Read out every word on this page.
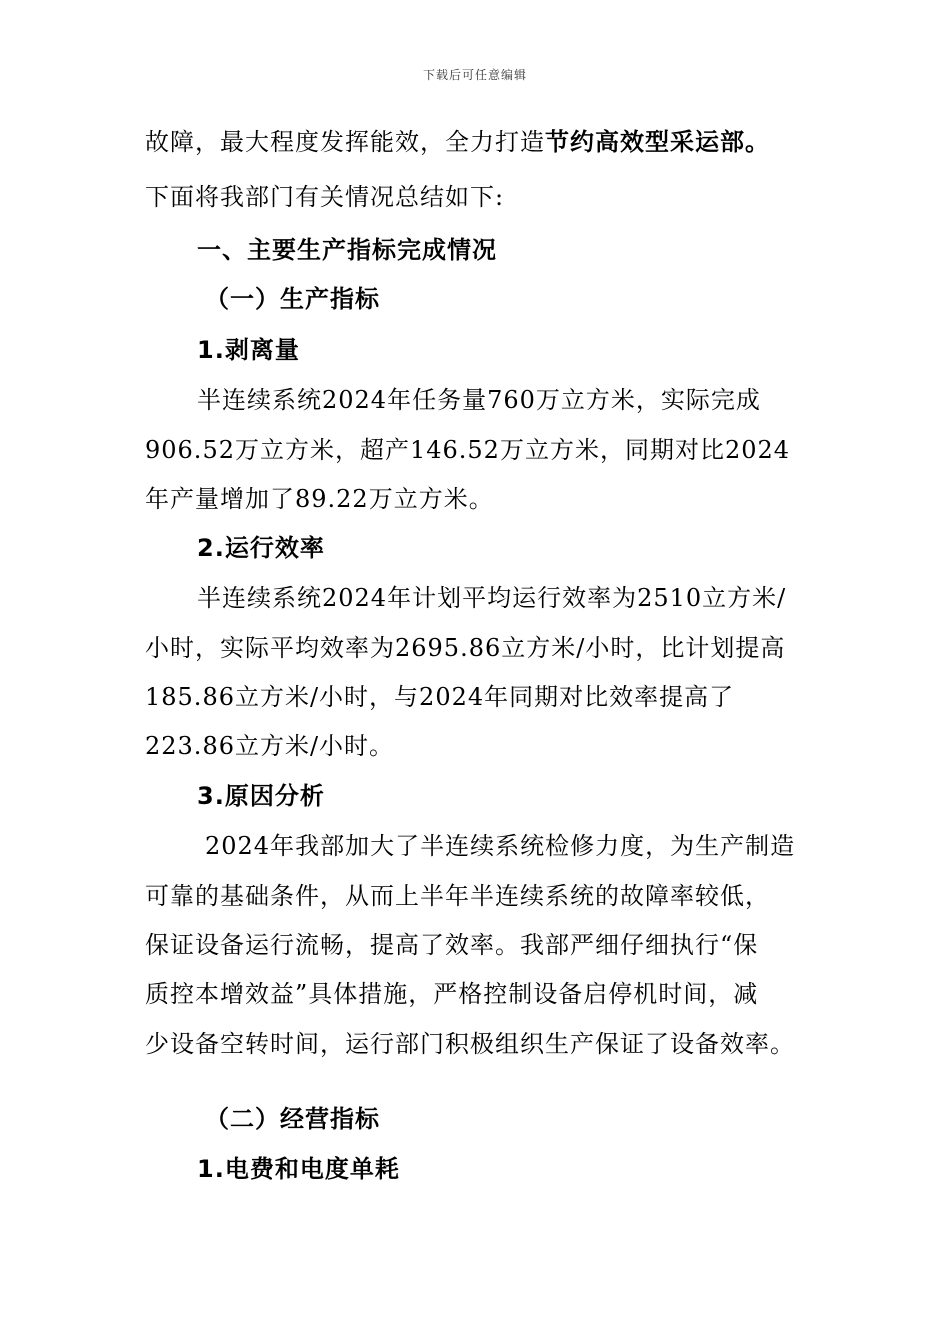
下载后可任意编辑
故障，最大程度发挥能效，全力打造节约高效型采运部。
下面将我部门有关情况总结如下:
一、主要生产指标完成情况
（一）生产指标
1.剥离量
半连续系统2024年任务量760万立方米，实际完成
906.52万立方米，超产146.52万立方米，同期对比2024
年产量增加了89.22万立方米。
2.运行效率
半连续系统2024年计划平均运行效率为2510立方米/
小时，实际平均效率为2695.86立方米/小时，比计划提高
185.86立方米/小时，与2024年同期对比效率提高了
223.86立方米/小时。
3.原因分析
2024年我部加大了半连续系统检修力度，为生产制造
可靠的基础条件，从而上半年半连续系统的故障率较低，
保证设备运行流畅，提高了效率。我部严细仔细执行“保
质控本增效益”具体措施，严格控制设备启停机时间，减
少设备空转时间，运行部门积极组织生产保证了设备效率。
（二）经营指标
1.电费和电度单耗
